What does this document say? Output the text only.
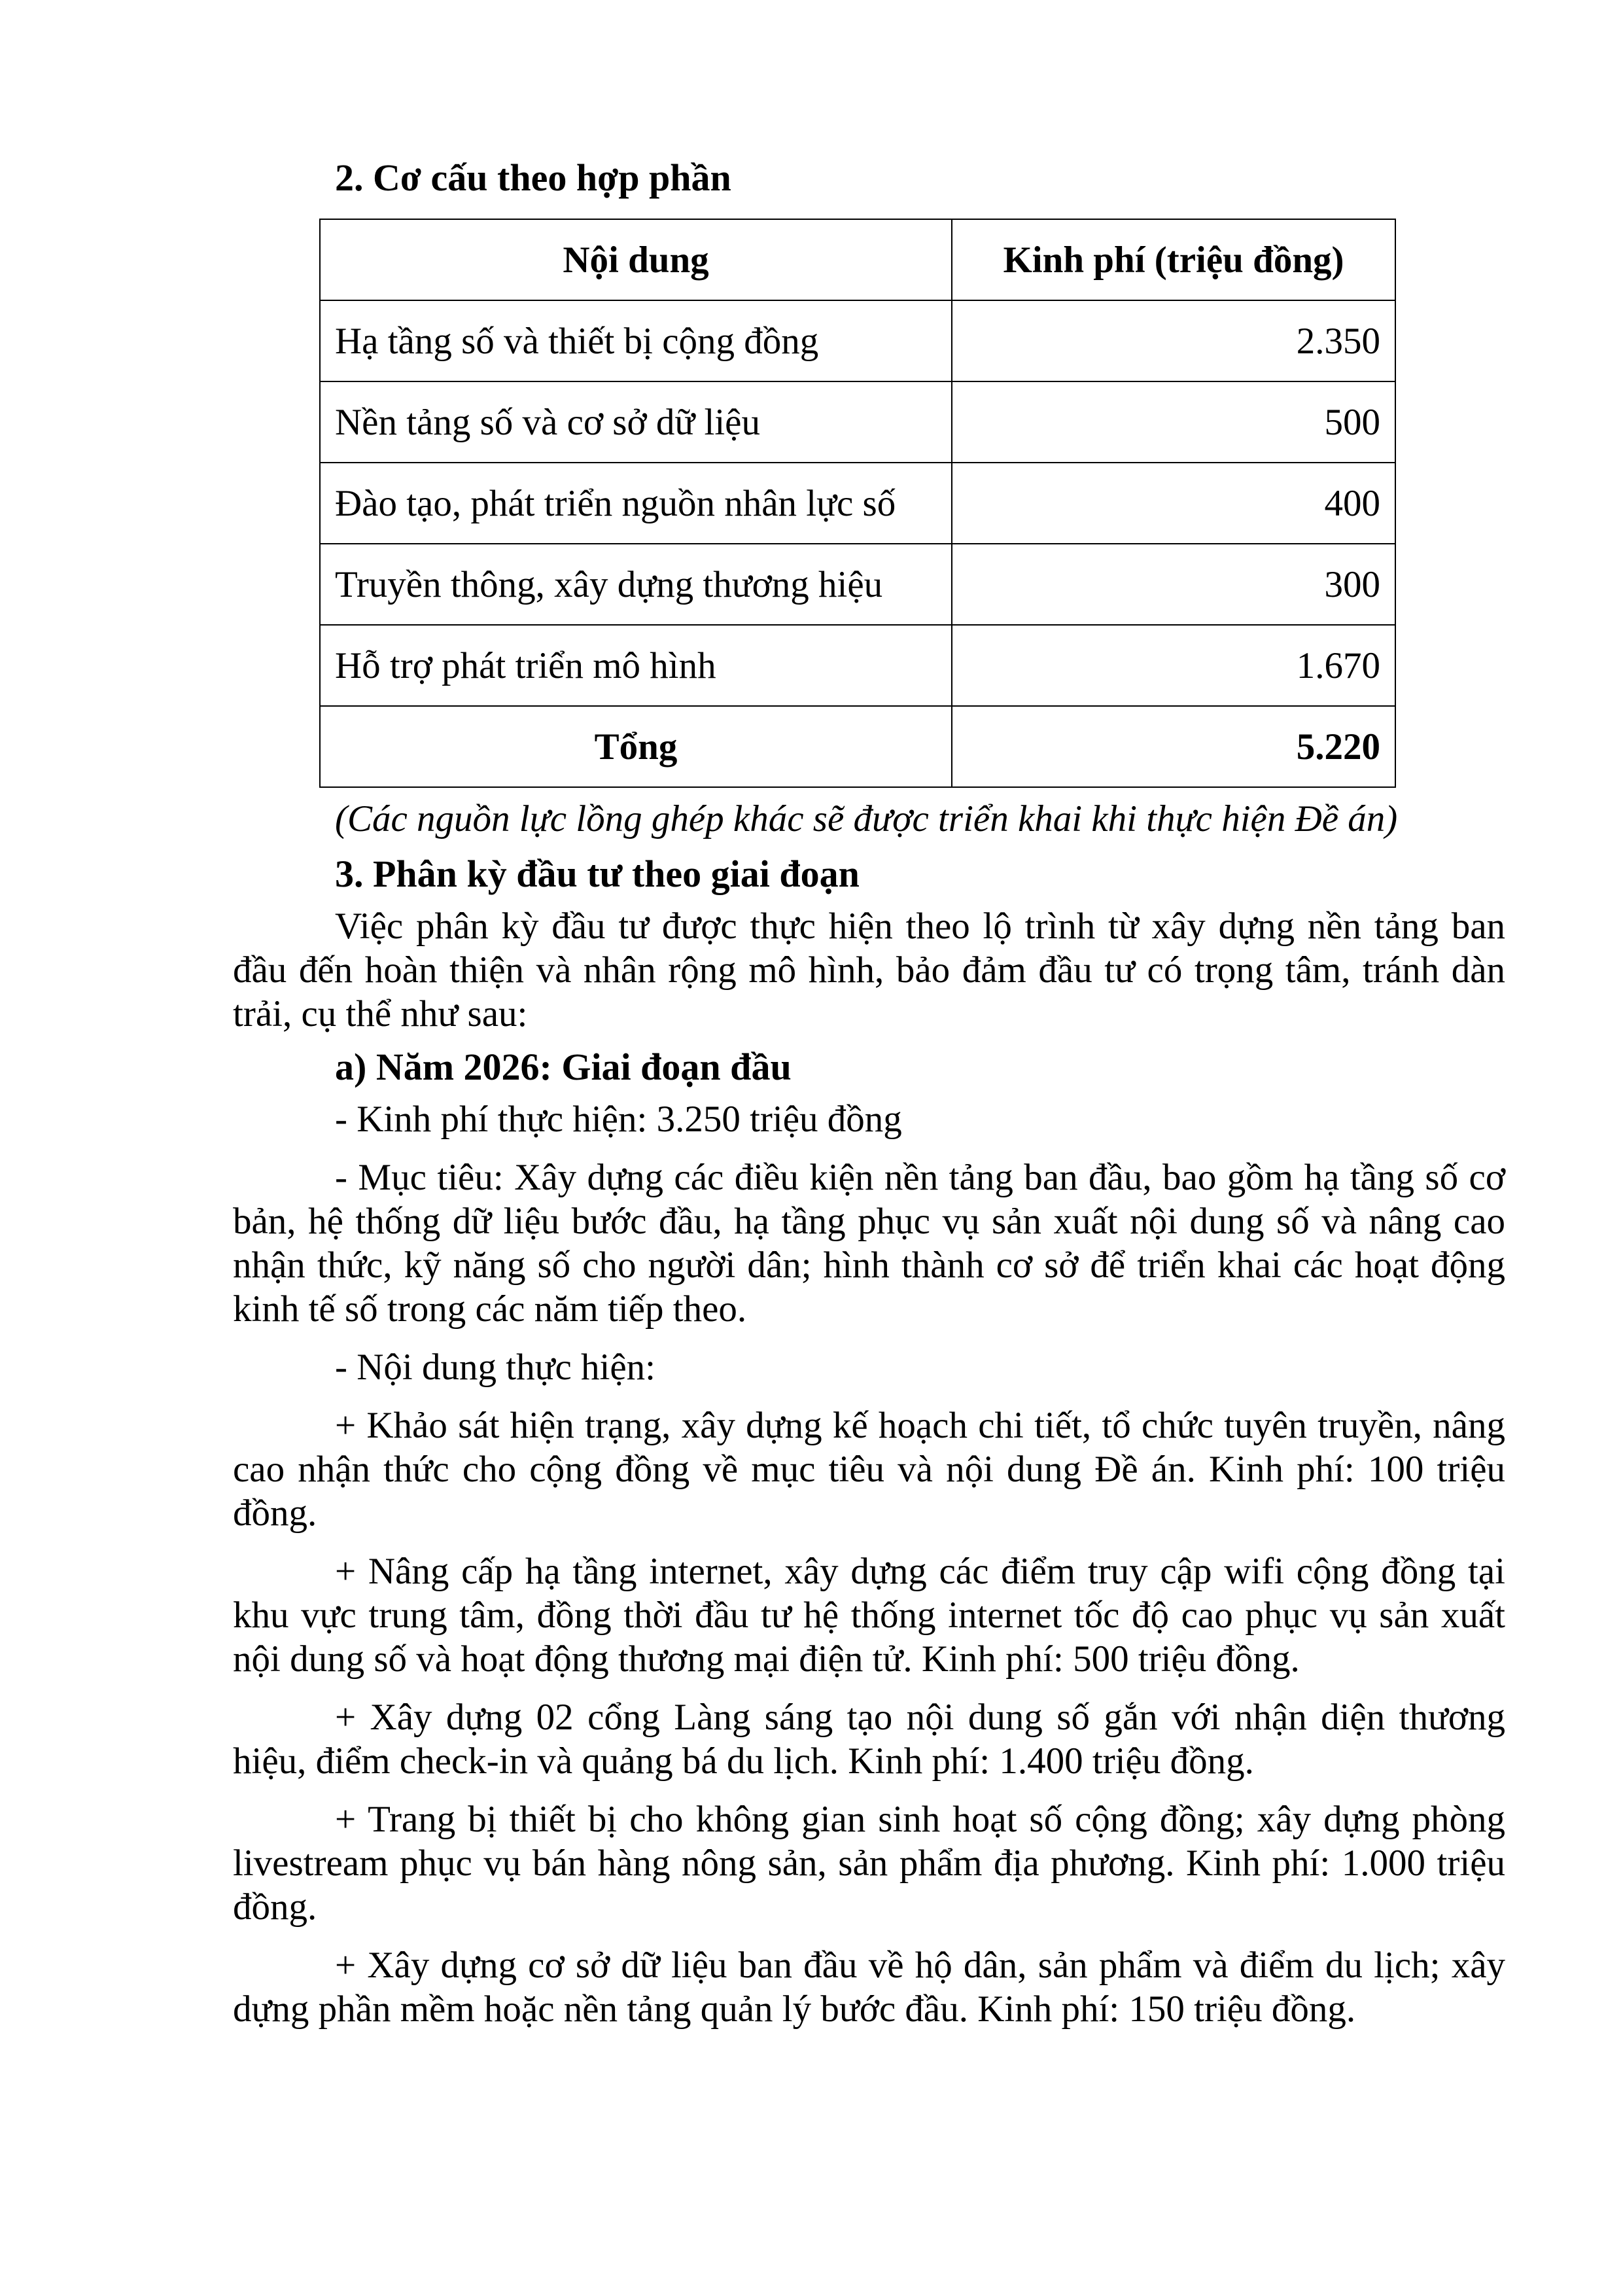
2. Cơ cấu theo hợp phần
Nội dung	Kinh phí (triệu đồng)
Hạ tầng số và thiết bị cộng đồng	2.350
Nền tảng số và cơ sở dữ liệu	500
Đào tạo, phát triển nguồn nhân lực số	400
Truyền thông, xây dựng thương hiệu	300
Hỗ trợ phát triển mô hình	1.670
Tổng	5.220
(Các nguồn lực lồng ghép khác sẽ được triển khai khi thực hiện Đề án)
3. Phân kỳ đầu tư theo giai đoạn

Việc phân kỳ đầu tư được thực hiện theo lộ trình từ xây dựng nền tảng ban đầu đến hoàn thiện và nhân rộng mô hình, bảo đảm đầu tư có trọng tâm, tránh dàn trải, cụ thể như sau:

a) Năm 2026: Giai đoạn đầu

- Kinh phí thực hiện: 3.250 triệu đồng

- Mục tiêu: Xây dựng các điều kiện nền tảng ban đầu, bao gồm hạ tầng số cơ bản, hệ thống dữ liệu bước đầu, hạ tầng phục vụ sản xuất nội dung số và nâng cao nhận thức, kỹ năng số cho người dân; hình thành cơ sở để triển khai các hoạt động kinh tế số trong các năm tiếp theo.

- Nội dung thực hiện:

+ Khảo sát hiện trạng, xây dựng kế hoạch chi tiết, tổ chức tuyên truyền, nâng cao nhận thức cho cộng đồng về mục tiêu và nội dung Đề án. Kinh phí: 100 triệu đồng.

+ Nâng cấp hạ tầng internet, xây dựng các điểm truy cập wifi cộng đồng tại khu vực trung tâm, đồng thời đầu tư hệ thống internet tốc độ cao phục vụ sản xuất nội dung số và hoạt động thương mại điện tử. Kinh phí: 500 triệu đồng.

+ Xây dựng 02 cổng Làng sáng tạo nội dung số gắn với nhận diện thương hiệu, điểm check-in và quảng bá du lịch. Kinh phí: 1.400 triệu đồng.

+ Trang bị thiết bị cho không gian sinh hoạt số cộng đồng; xây dựng phòng livestream phục vụ bán hàng nông sản, sản phẩm địa phương. Kinh phí: 1.000 triệu đồng.

+ Xây dựng cơ sở dữ liệu ban đầu về hộ dân, sản phẩm và điểm du lịch; xây dựng phần mềm hoặc nền tảng quản lý bước đầu. Kinh phí: 150 triệu đồng.
